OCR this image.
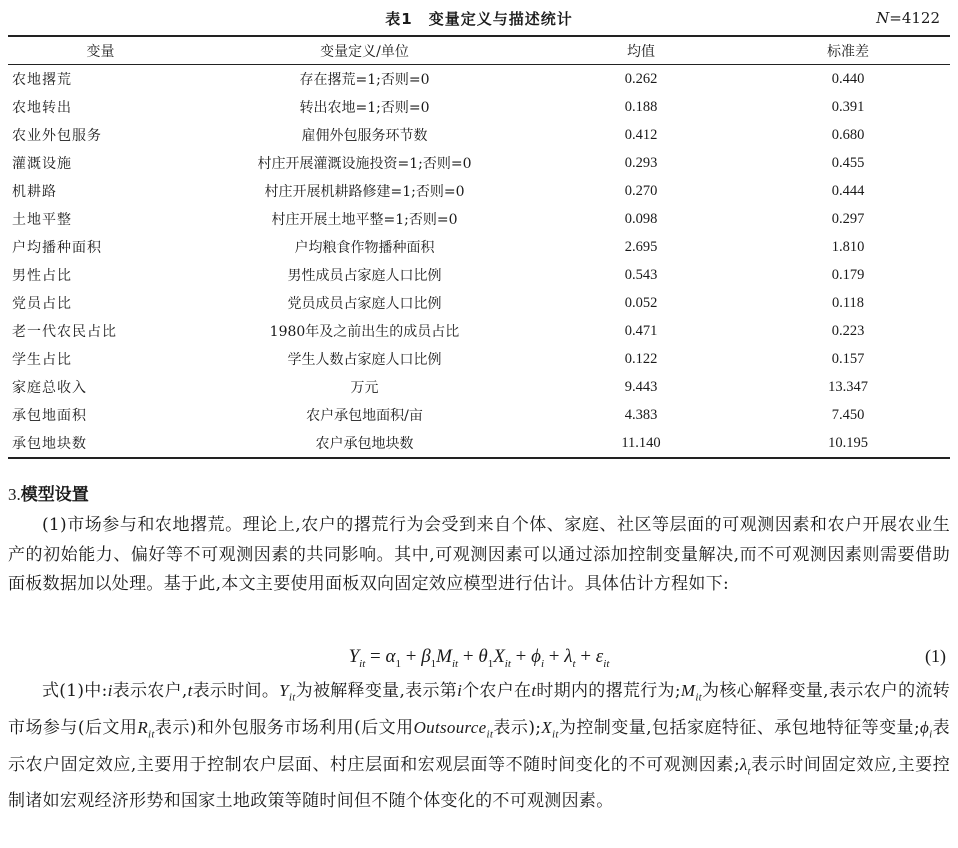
表1　变量定义与描述统计	N=4122
变量	变量定义/单位	均值	标准差
农地撂荒	存在撂荒=1;否则=0	0.262	0.440
农地转出	转出农地=1;否则=0	0.188	0.391
农业外包服务	雇佣外包服务环节数	0.412	0.680
灌溉设施	村庄开展灌溉设施投资=1;否则=0	0.293	0.455
机耕路	村庄开展机耕路修建=1;否则=0	0.270	0.444
土地平整	村庄开展土地平整=1;否则=0	0.098	0.297
户均播种面积	户均粮食作物播种面积	2.695	1.810
男性占比	男性成员占家庭人口比例	0.543	0.179
党员占比	党员成员占家庭人口比例	0.052	0.118
老一代农民占比	1980年及之前出生的成员占比	0.471	0.223
学生占比	学生人数占家庭人口比例	0.122	0.157
家庭总收入	万元	9.443	13.347
承包地面积	农户承包地面积/亩	4.383	7.450
承包地块数	农户承包地块数	11.140	10.195
3.模型设置
(1)市场参与和农地撂荒。理论上,农户的撂荒行为会受到来自个体、家庭、社区等层面的可观测因素和农户开展农业生产的初始能力、偏好等不可观测因素的共同影响。其中,可观测因素可以通过添加控制变量解决,而不可观测因素则需要借助面板数据加以处理。基于此,本文主要使用面板双向固定效应模型进行估计。具体估计方程如下:
$Y_{it} = \alpha_1 + \beta_1M_{it} + \theta_1X_{it} + \phi_i + \lambda_t + \varepsilon_{it}$	(1)
式(1)中:i表示农户,t表示时间。$Y_{it}$为被解释变量,表示第i个农户在t时期内的撂荒行为$;M_{it}$为核心解释变量,表示农户的流转市场参与(后文用$R_{it}$表示)和外包服务市场利用(后文用Outsource$_{it}$表示)$;X_{it}$为控制变量,包括家庭特征、承包地特征等变量$;\phi_i$表示农户固定效应,主要用于控制农户层面、村庄层面和宏观层面等不随时间变化的不可观测因素$;\lambda_t$表示时间固定效应,主要控制诸如宏观经济形势和国家土地政策等随时间但不随个体变化的不可观测因素。
